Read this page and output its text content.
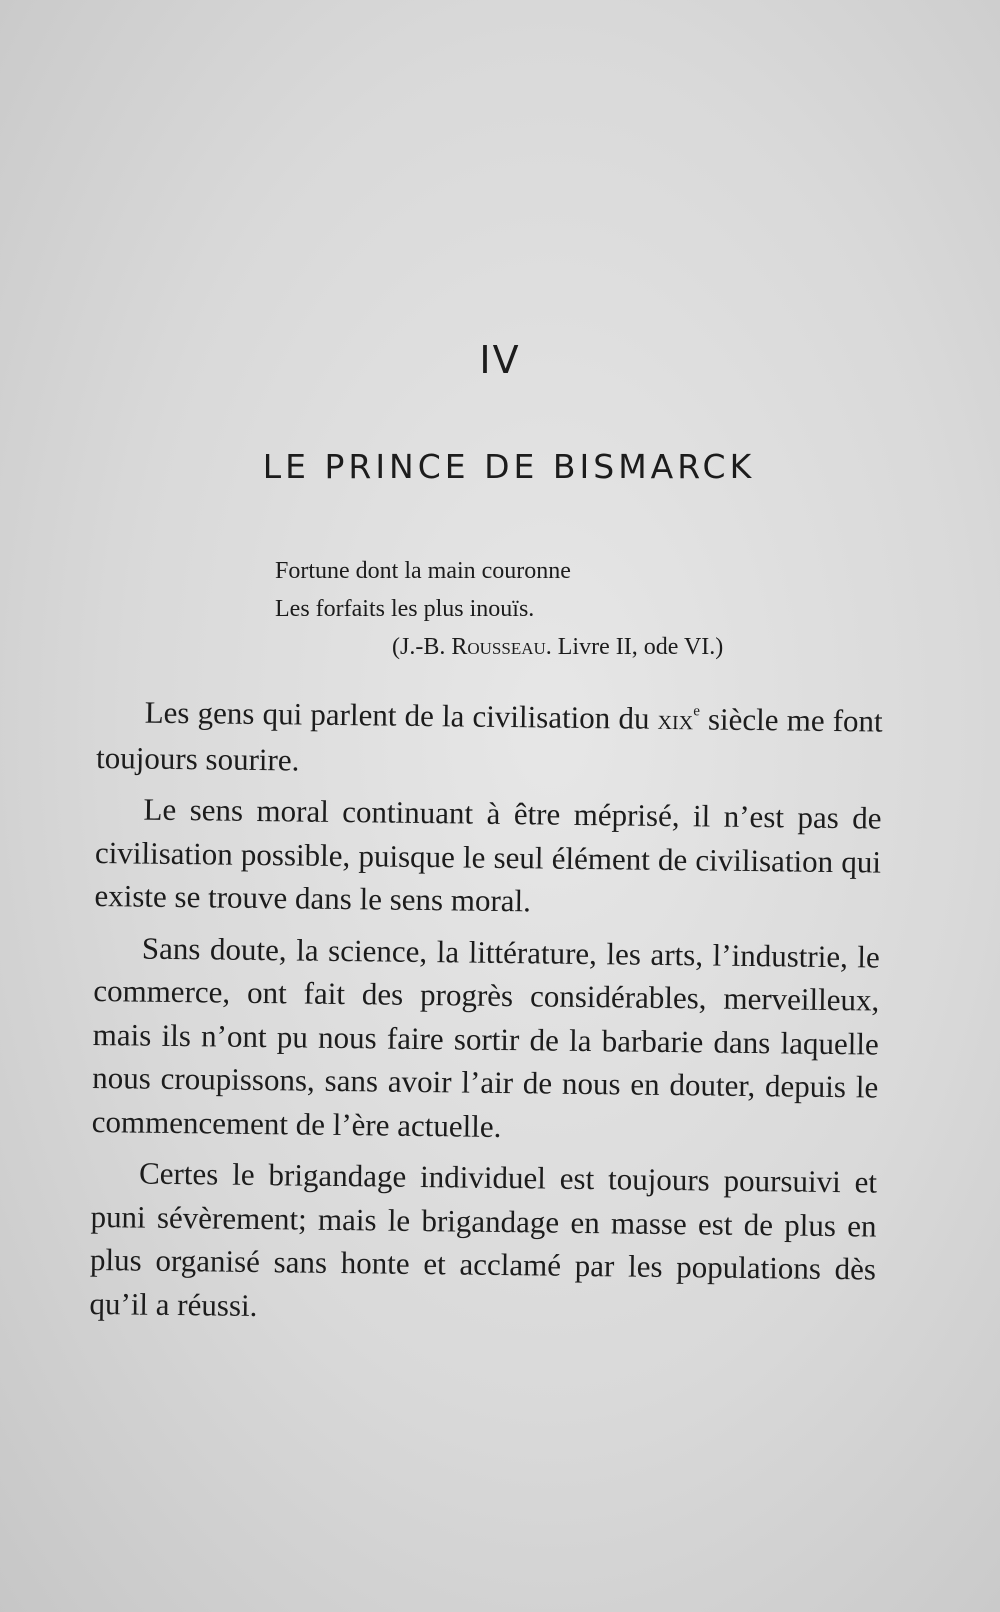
IV
LE PRINCE DE BISMARCK
Fortune dont la main couronne
Les forfaits les plus inouïs.
(J.-B. Rousseau. Livre II, ode VI.)

Les gens qui parlent de la civilisation du xix$^e$ siècle me font toujours sourire.

Le sens moral continuant à être méprisé, il n’est pas de civilisation possible, puisque le seul élément de civilisation qui existe se trouve dans le sens moral.

Sans doute, la science, la littérature, les arts, l’industrie, le commerce, ont fait des progrès considérables, merveilleux, mais ils n’ont pu nous faire sortir de la barbarie dans laquelle nous croupissons, sans avoir l’air de nous en douter, depuis le commencement de l’ère actuelle.

Certes le brigandage individuel est toujours poursuivi et puni sévèrement; mais le brigandage en masse est de plus en plus organisé sans honte et acclamé par les populations dès qu’il a réussi.
